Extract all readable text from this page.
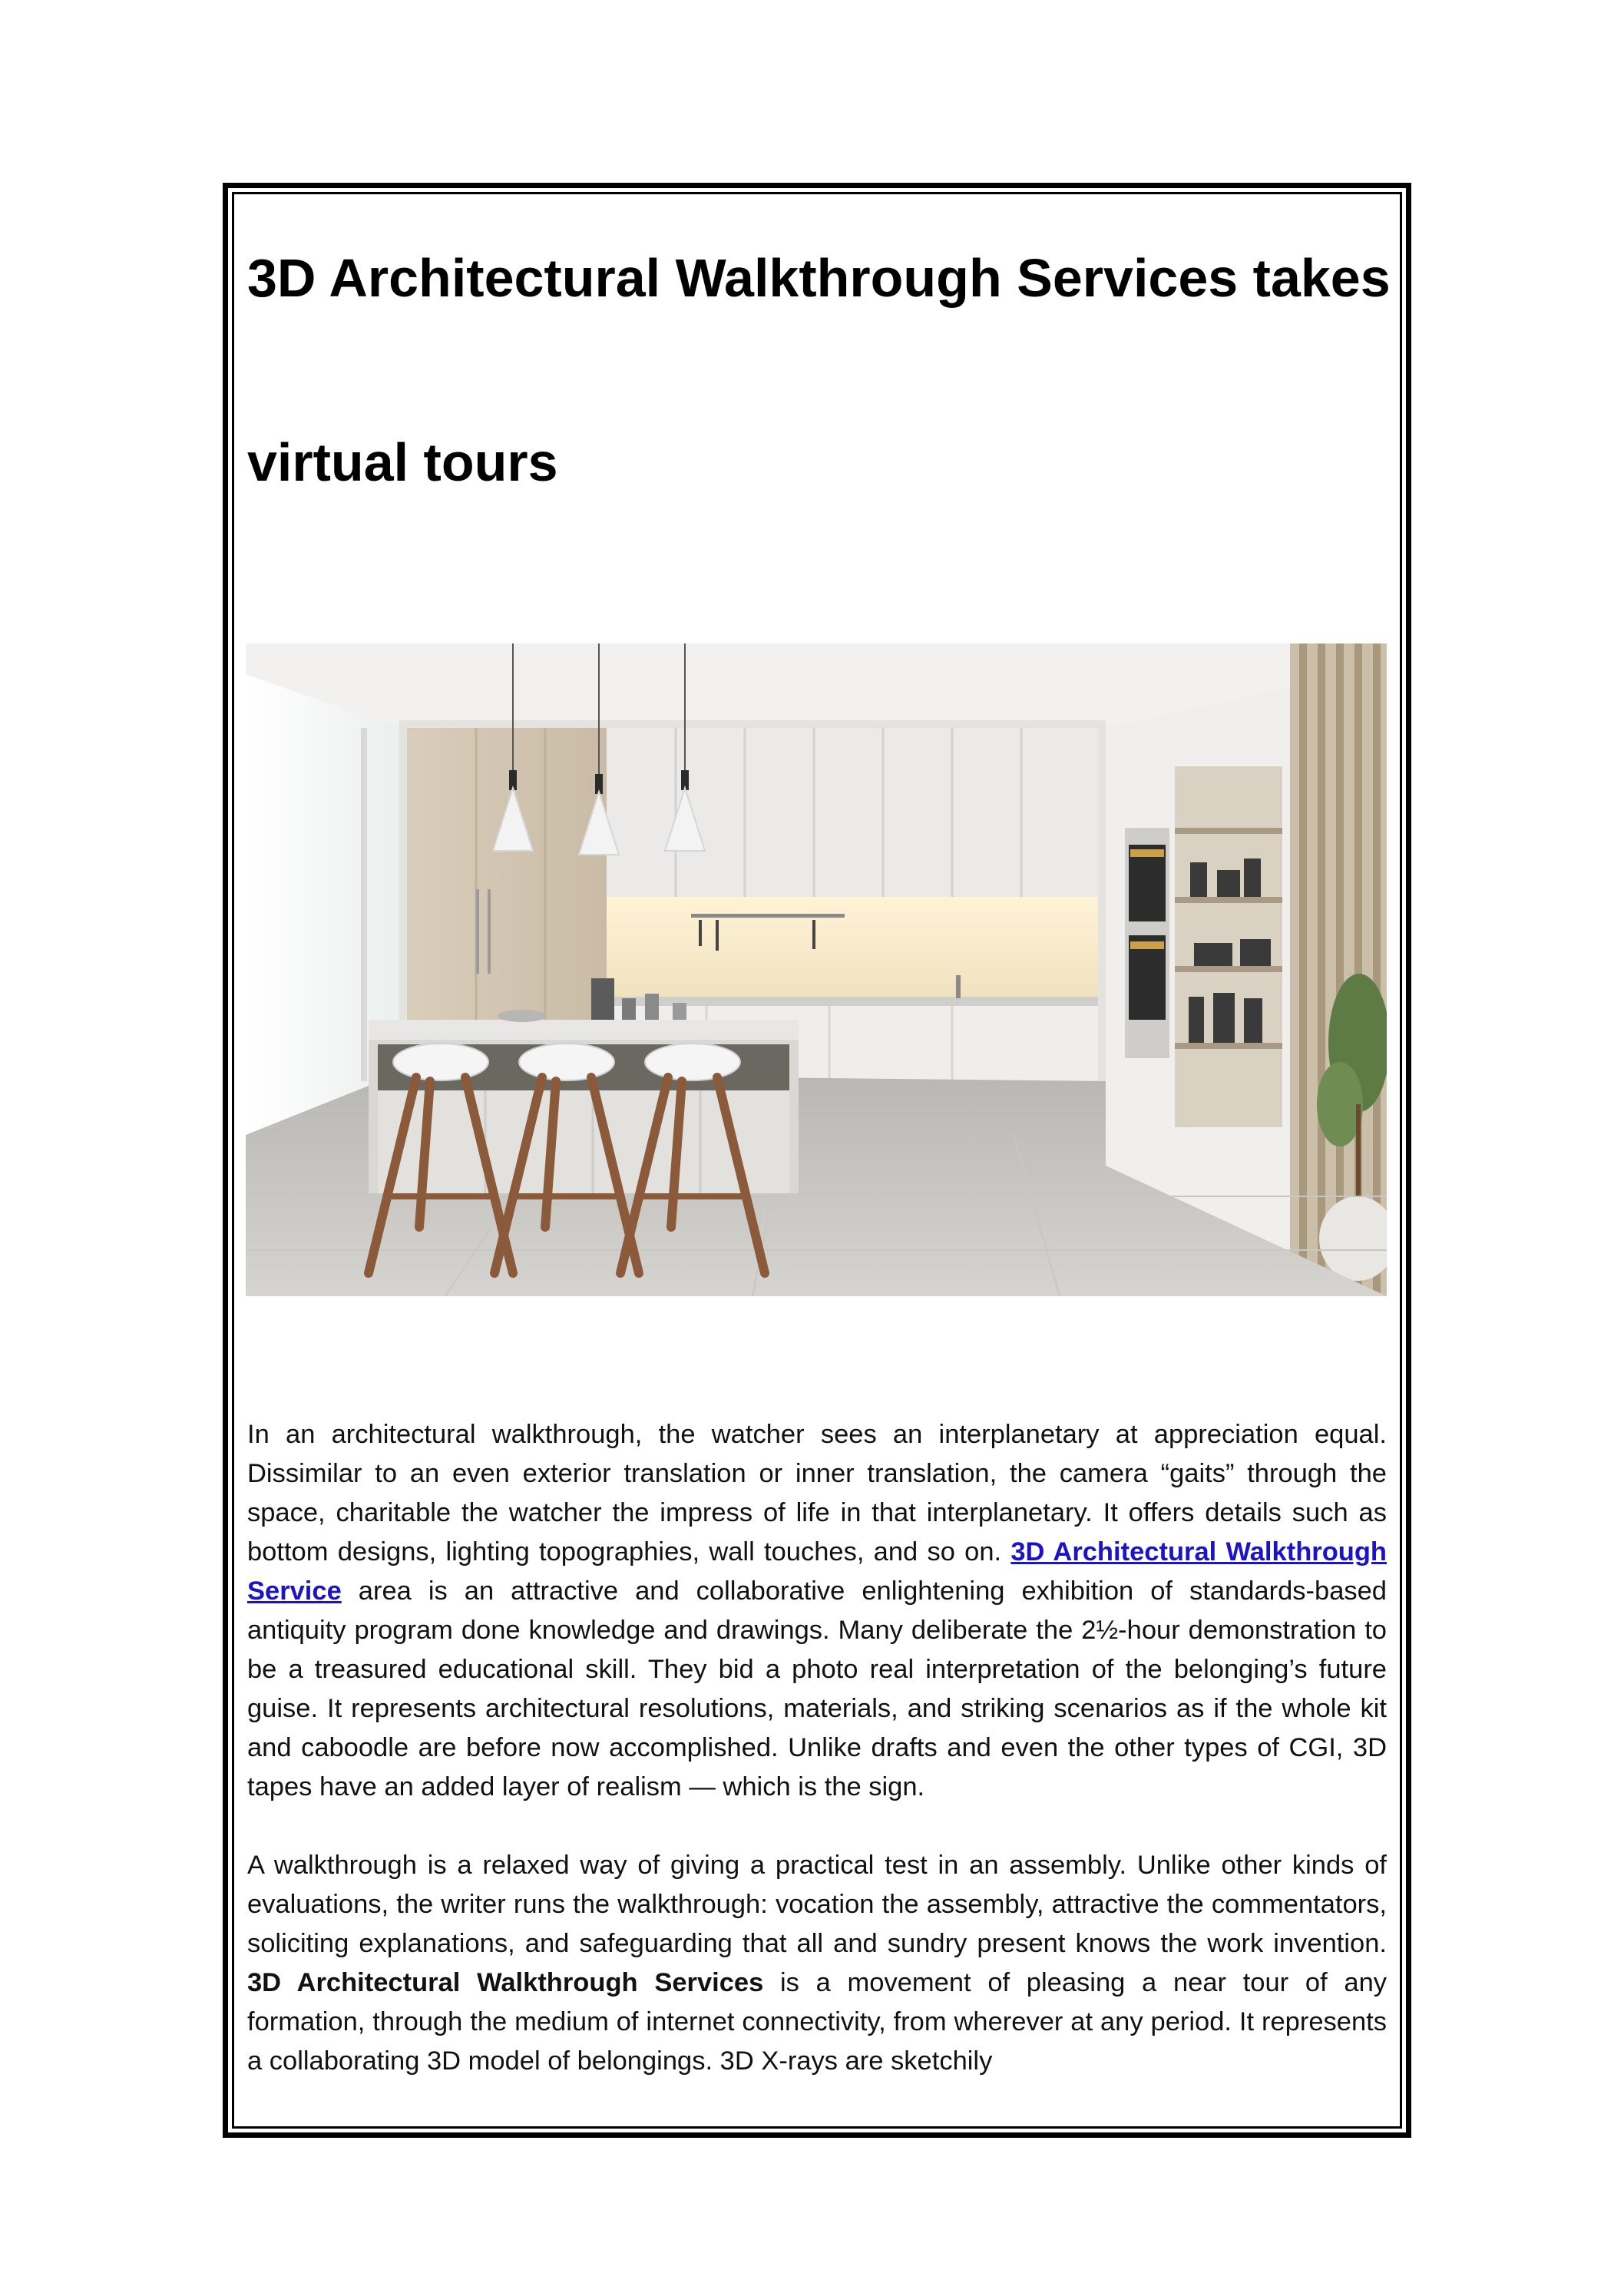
3D Architectural Walkthrough Services takes
virtual tours

In an architectural walkthrough, the watcher sees an interplanetary at appreciation equal. Dissimilar to an even exterior translation or inner translation, the camera “gaits” through the space, charitable the watcher the impress of life in that interplanetary. It offers details such as bottom designs, lighting topographies, wall touches, and so on. 3D Architectural Walkthrough Service area is an attractive and collaborative enlightening exhibition of standards-based antiquity program done knowledge and drawings. Many deliberate the 2½-hour demonstration to be a treasured educational skill. They bid a photo real interpretation of the belonging’s future guise. It represents architectural resolutions, materials, and striking scenarios as if the whole kit and caboodle are before now accomplished. Unlike drafts and even the other types of CGI, 3D tapes have an added layer of realism — which is the sign.

A walkthrough is a relaxed way of giving a practical test in an assembly. Unlike other kinds of evaluations, the writer runs the walkthrough: vocation the assembly, attractive the commentators, soliciting explanations, and safeguarding that all and sundry present knows the work invention. 3D Architectural Walkthrough Services is a movement of pleasing a near tour of any formation, through the medium of internet connectivity, from wherever at any period. It represents a collaborating 3D model of belongings. 3D X-rays are sketchily
